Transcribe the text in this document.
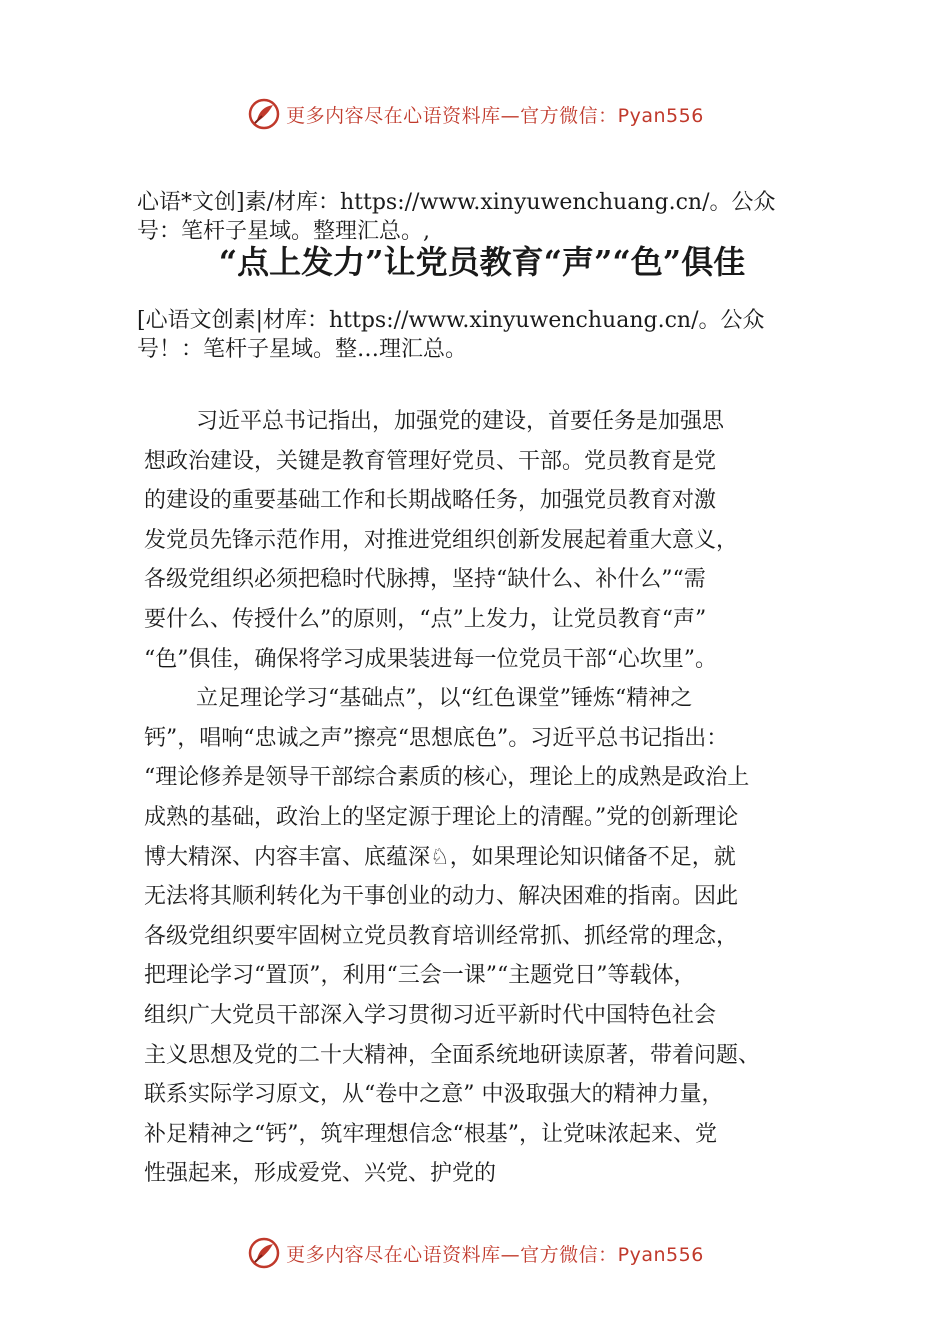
更多内容尽在心语资料库—官方微信：Pyan556
心语*文创]素/材库：https://www.xinyuwenchuang.cn/。公众
号：笔杆子星域。整理汇总。,
“点上发力”让党员教育“声”“色”俱佳
[心语文创素|材库：https://www.xinyuwenchuang.cn/。公众
号！：笔杆子星域。整…理汇总。
习近平总书记指出，加强党的建设，首要任务是加强思
想政治建设，关键是教育管理好党员、干部。党员教育是党
的建设的重要基础工作和长期战略任务，加强党员教育对激
发党员先锋示范作用，对推进党组织创新发展起着重大意义，
各级党组织必须把稳时代脉搏，坚持“缺什么、补什么”“需
要什么、传授什么”的原则，“点”上发力，让党员教育“声”
“色”俱佳，确保将学习成果装进每一位党员干部“心坎里”。
立足理论学习“基础点”，以“红色课堂”锤炼“精神之
钙”，唱响“忠诚之声”擦亮“思想底色”。习近平总书记指出：
“理论修养是领导干部综合素质的核心，理论上的成熟是政治上
成熟的基础，政治上的坚定源于理论上的清醒。”党的创新理论
博大精深、内容丰富、底蕴深♘，如果理论知识储备不足，就
无法将其顺利转化为干事创业的动力、解决困难的指南。因此
各级党组织要牢固树立党员教育培训经常抓、抓经常的理念，
把理论学习“置顶”，利用“三会一课”“主题党日”等载体，
组织广大党员干部深入学习贯彻习近平新时代中国特色社会
主义思想及党的二十大精神，全面系统地研读原著，带着问题、
联系实际学习原文，从“卷中之意” 中汲取强大的精神力量，
补足精神之“钙”，筑牢理想信念“根基”，让党味浓起来、党
性强起来，形成爱党、兴党、护党的
更多内容尽在心语资料库—官方微信：Pyan556
